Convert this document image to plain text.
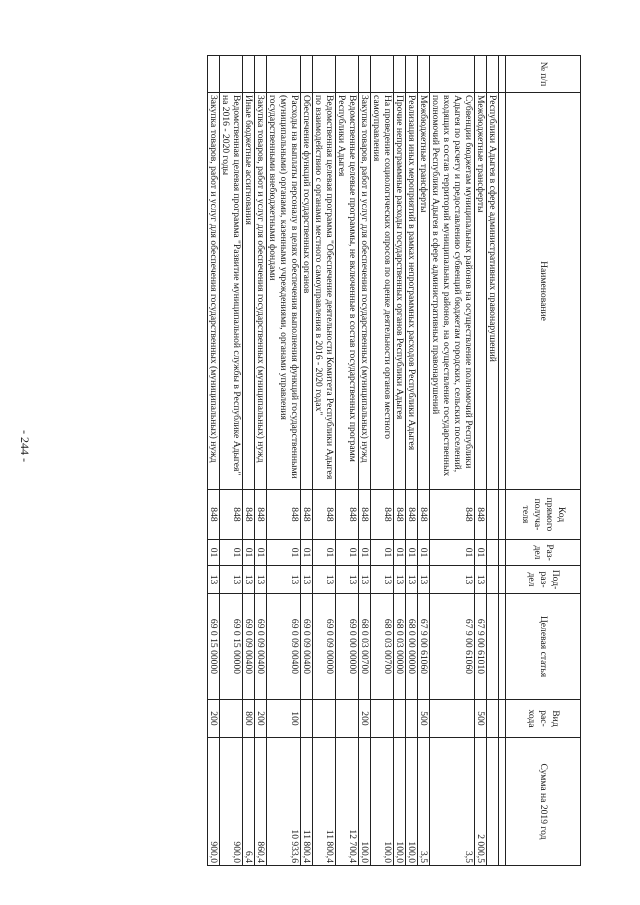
- 244 -
№ п/п	Наименование	Код прямого получа- теля	Раз- дел	Под- раз- дел	Целевая статья	Вид рас- хода	Сумма на 2019 год

	Республики Адыгея в сфере административных правонарушений						
	Межбюджетные трансферты	848	01	13	67 9 00 61010	500	2 000,5
	Субвенции бюджетам муниципальных районов на осуществление полномочий Республики Адыгея по расчету и предоставлению субвенций бюджетам городских, сельских поселений, входящих в состав территорий муниципальных районов, на осуществление государственных полномочий Республики Адыгея в сфере административных правонарушений	848	01	13	67 9 00 61060		3,5
	Межбюджетные трансферты	848	01	13	67 9 00 61060	500	3,5
	Реализация иных мероприятий в рамках непрограммных расходов Республики Адыгея	848	01	13	68 0 00 00000		100,0
	Прочие непрограммные расходы государственных органов Республики Адыгея	848	01	13	68 0 03 00000		100,0
	На проведение социологических опросов по оценке деятельности органов местного самоуправления	848	01	13	68 0 03 00700		100,0
	Закупка товаров, работ и услуг для обеспечения государственных (муниципальных) нужд	848	01	13	68 0 03 00700	200	100,0
	Ведомственные целевые программы, не включенные в состав государственных программ Республики Адыгея	848	01	13	69 0 00 00000		12 700,4
	Ведомственная целевая программа "Обеспечение деятельности Комитета Республики Адыгея по взаимодействию с органами местного самоуправления в 2016 - 2020 годах"	848	01	13	69 0 09 00000		11 800,4
	Обеспечение функций государственных органов	848	01	13	69 0 09 00400		11 800,4
	Расходы на выплаты персоналу в целях обеспечения выполнения функций государственными (муниципальными) органами, казенными учреждениями, органами управления государственными внебюджетными фондами	848	01	13	69 0 09 00400	100	10 933,6
	Закупка товаров, работ и услуг для обеспечения государственных (муниципальных) нужд	848	01	13	69 0 09 00400	200	860,4
	Иные бюджетные ассигнования	848	01	13	69 0 09 00400	800	6,4
	Ведомственная целевая программа "Развитие муниципальной службы в Республике Адыгея" на 2016 - 2020 годы	848	01	13	69 0 15 00000		900,0
	Закупка товаров, работ и услуг для обеспечения государственных (муниципальных) нужд	848	01	13	69 0 15 00000	200	900,0
